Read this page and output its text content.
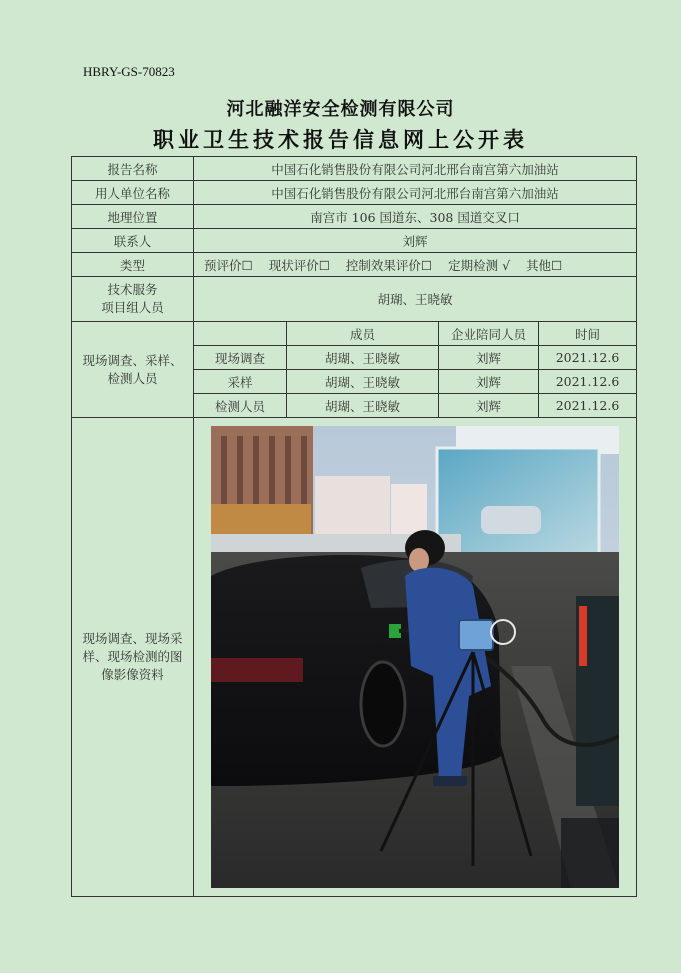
HBRY-GS-70823
河北融洋安全检测有限公司
职业卫生技术报告信息网上公开表
报告名称	中国石化销售股份有限公司河北邢台南宫第六加油站			
用人单位名称	中国石化销售股份有限公司河北邢台南宫第六加油站			
地理位置	南宫市 106 国道东、308 国道交叉口			
联系人	刘辉			
类型	预评价☐ 现状评价☐ 控制效果评价☐ 定期检测 √ 其他☐			

技术服务
项目组人员	胡瑚、王晓敏			

现场调查、采样、
检测人员		成员	企业陪同人员	时间
	现场调查	胡瑚、王晓敏	刘辉	2021.12.6
	采样	胡瑚、王晓敏	刘辉	2021.12.6
	检测人员	胡瑚、王晓敏	刘辉	2021.12.6

现场调查、现场采
样、现场检测的图
像影像资料
